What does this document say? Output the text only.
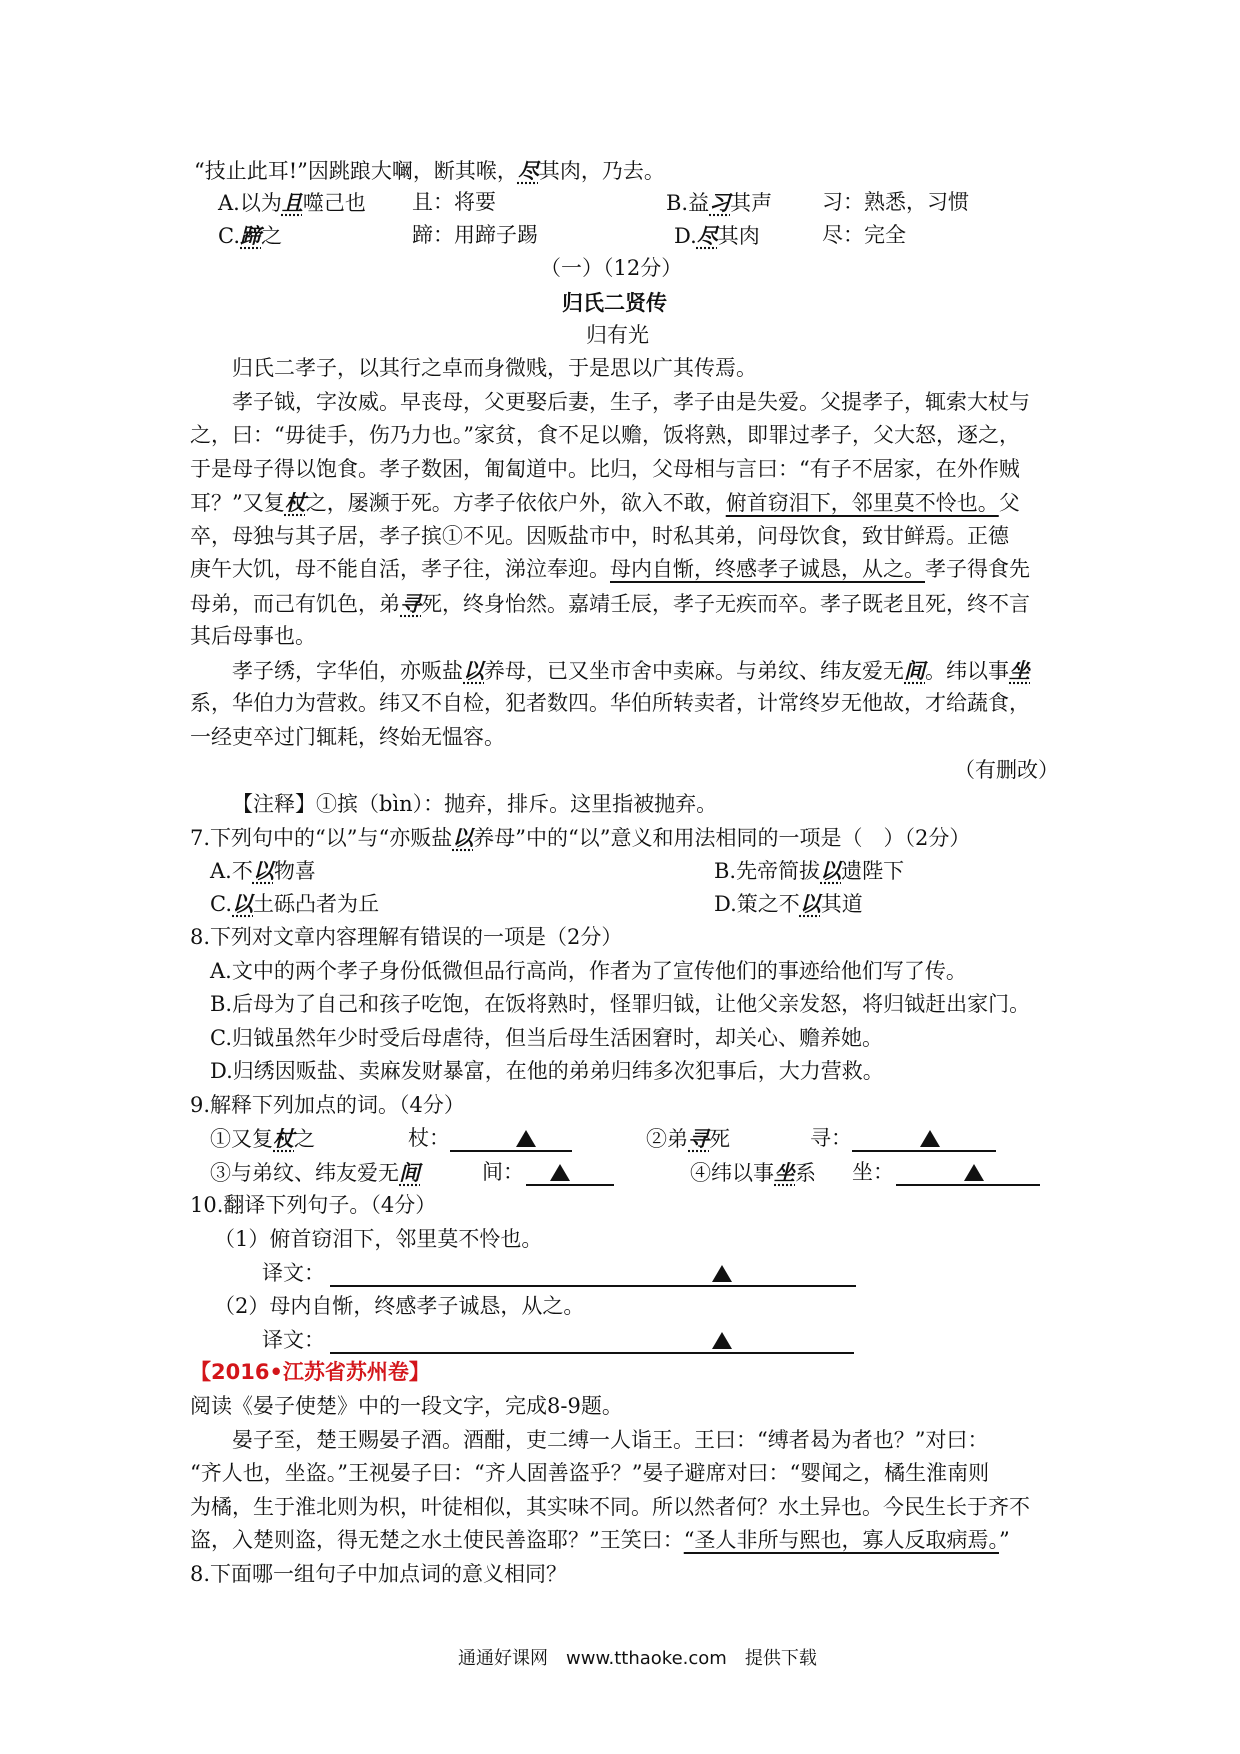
“技止此耳!”因跳踉大㘎，断其喉，尽其肉，乃去。
A.以为且噬己也 且：将要	B.益习其声 习：熟悉，习惯
C.蹄之	蹄：用蹄子踢	D.尽其肉	尽：完全
（一）（12分）
归氏二贤传
归有光
归氏二孝子，以其行之卓而身微贱，于是思以广其传焉。
孝子钺，字汝威。早丧母，父更娶后妻，生子，孝子由是失爱。父提孝子，辄索大杖与
之，曰：“毋徒手，伤乃力也。”家贫，食不足以赡，饭将熟，即罪过孝子，父大怒，逐之，
于是母子得以饱食。孝子数困，匍匐道中。比归，父母相与言曰：“有子不居家，在外作贼
耳？”又复杖之，屡濒于死。方孝子依依户外，欲入不敢，俯首窃泪下，邻里莫不怜也。父
卒，母独与其子居，孝子摈①不见。因贩盐市中，时私其弟，问母饮食，致甘鲜焉。正德
庚午大饥，母不能自活，孝子往，涕泣奉迎。母内自惭，终感孝子诚恳，从之。孝子得食先
母弟，而己有饥色，弟寻死，终身怡然。嘉靖壬辰，孝子无疾而卒。孝子既老且死，终不言
其后母事也。
孝子绣，字华伯，亦贩盐以养母，已又坐市舍中卖麻。与弟纹、纬友爱无间。纬以事坐
系，华伯力为营救。纬又不自检，犯者数四。华伯所转卖者，计常终岁无他故，才给蔬食，
一经吏卒过门辄耗，终始无愠容。
（有删改）
【注释】①摈（bìn）：抛弃，排斥。这里指被抛弃。
7.下列句中的“以”与“亦贩盐以养母”中的“以”意义和用法相同的一项是（　）（2分）
A.不以物喜	B.先帝简拔以遗陛下
C.以土砾凸者为丘	D.策之不以其道
8.下列对文章内容理解有错误的一项是（2分）
A.文中的两个孝子身份低微但品行高尚，作者为了宣传他们的事迹给他们写了传。
B.后母为了自己和孩子吃饱，在饭将熟时，怪罪归钺，让他父亲发怒，将归钺赶出家门。
C.归钺虽然年少时受后母虐待，但当后母生活困窘时，却关心、赡养她。
D.归绣因贩盐、卖麻发财暴富，在他的弟弟归纬多次犯事后，大力营救。
9.解释下列加点的词。（4分）
①又复杖之	杖：	②弟寻死	寻：
③与弟纹、纬友爱无间	间：	④纬以事坐系 坐：
10.翻译下列句子。（4分）
（1）俯首窃泪下，邻里莫不怜也。
译文：
（2）母内自惭，终感孝子诚恳，从之。
译文：
【2016•江苏省苏州卷】
阅读《晏子使楚》中的一段文字，完成8-9题。
晏子至，楚王赐晏子酒。酒酣，吏二缚一人诣王。王曰：“缚者曷为者也？”对曰：
“齐人也，坐盗。”王视晏子曰：“齐人固善盗乎？”晏子避席对曰：“婴闻之，橘生淮南则
为橘，生于淮北则为枳，叶徒相似，其实味不同。所以然者何？水土异也。今民生长于齐不
盗，入楚则盗，得无楚之水土使民善盗耶？”王笑曰：“圣人非所与熙也，寡人反取病焉。”
8.下面哪一组句子中加点词的意义相同？
通通好课网　www.tthaoke.com　提供下载
